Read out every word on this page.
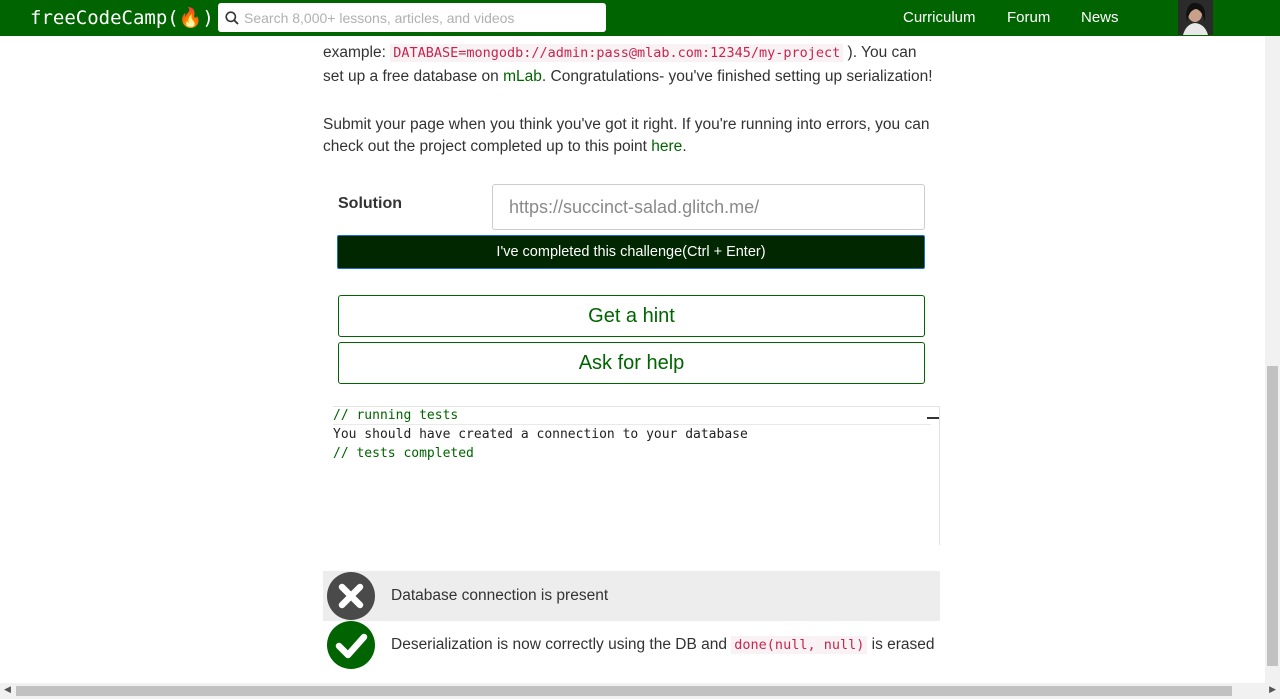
freeCodeCamp(🔥)
Search 8,000+ lessons, articles, and videos	Curriculum Forum News

example: DATABASE=mongodb://admin:pass@mlab.com:12345/my-project ). You can
set up a free database on mLab. Congratulations- you've finished setting up serialization!

Submit your page when you think you've got it right. If you're running into errors, you can check out the project completed up to this point here.

Solution
https://succinct-salad.glitch.me/
I've completed this challenge(Ctrl + Enter)
Get a hint
Ask for help
// running tests
You should have created a connection to your database
// tests completed
Database connection is present
Deserialization is now correctly using the DB and done(null, null) is erased
◀	▶
